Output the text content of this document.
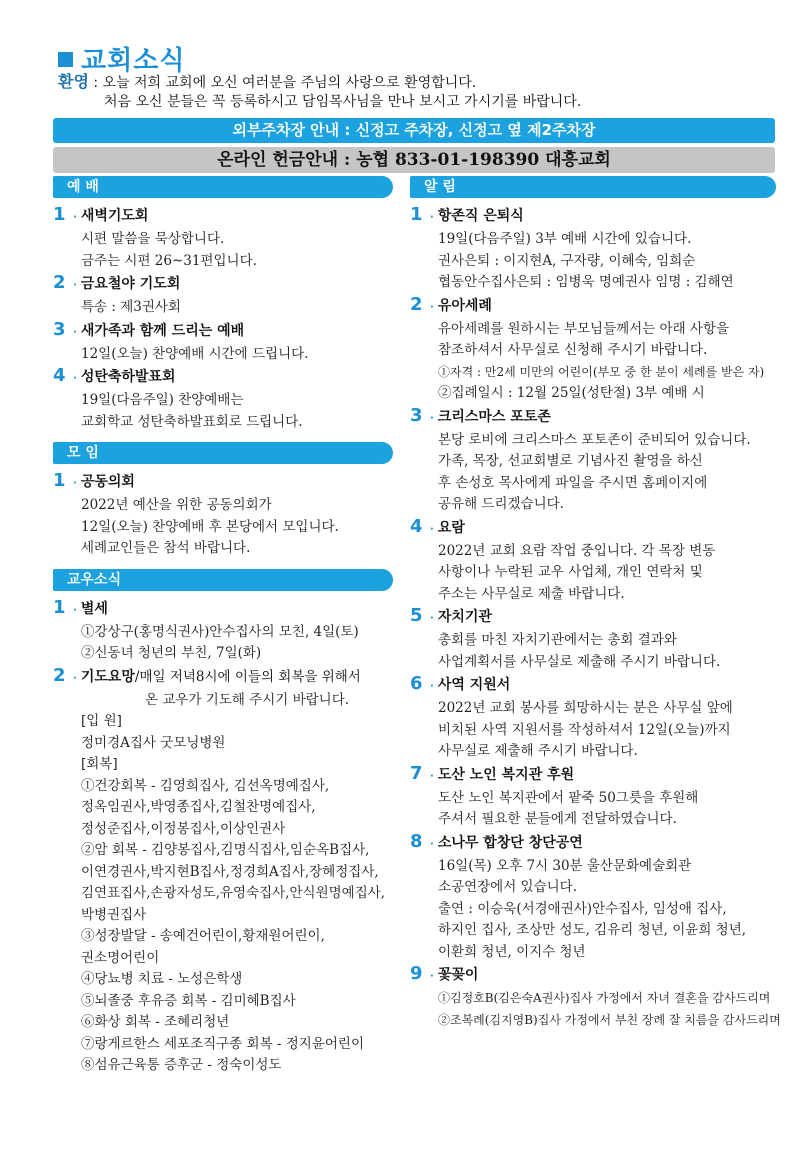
교회소식
환영 : 오늘 저희 교회에 오신 여러분을 주님의 사랑으로 환영합니다.
처음 오신 분들은 꼭 등록하시고 담임목사님을 만나 보시고 가시기를 바랍니다.
외부주차장 안내 : 신정고 주차장, 신정고 옆 제2주차장
온라인 헌금안내 : 농협 833-01-198390 대흥교회
예 배
1 · 새벽기도회
시편 말씀을 묵상합니다.
금주는 시편 26~31편입니다.
2 · 금요철야 기도회
특송 : 제3권사회
3 · 새가족과 함께 드리는 예배
12일(오늘) 찬양예배 시간에 드립니다.
4 · 성탄축하발표회
19일(다음주일) 찬양예배는
교회학교 성탄축하발표회로 드립니다.
모 임
1 · 공동의회
2022년 예산을 위한 공동의회가
12일(오늘) 찬양예배 후 본당에서 모입니다.
세례교인들은 참석 바랍니다.
교우소식
1 · 별세
①강상구(홍명식권사)안수집사의 모친, 4일(토)
②신동녀 청년의 부친, 7일(화)
2 · 기도요망/매일 저녁8시에 이들의 회복을 위해서
온 교우가 기도해 주시기 바랍니다.
[입 원]
정미경A집사 굿모닝병원
[회복]
①건강회복 - 김영희집사, 김선옥명예집사,
정옥임권사,박영종집사,김철찬명예집사,
정성준집사,이정봉집사,이상인권사
②암 회복 - 김양봉집사,김명식집사,임순옥B집사,
이연경권사,박지현B집사,정경희A집사,장혜정집사,
김연표집사,손광자성도,유영숙집사,안식원명예집사,
박병권집사
③성장발달 - 송예건어린이,황재원어린이,
권소명어린이
④당뇨병 치료 - 노성은학생
⑤뇌졸중 후유증 회복 - 김미혜B집사
⑥화상 회복 - 조혜리청년
⑦랑게르한스 세포조직구종 회복 - 정지윤어린이
⑧섬유근육통 증후군 - 정숙이성도
알 림
1 · 항존직 은퇴식
19일(다음주일) 3부 예배 시간에 있습니다.
권사은퇴 : 이지현A, 구자량, 이혜숙, 임희순
협동안수집사은퇴 : 임병욱 명예권사 임명 : 김해연
2 · 유아세례
유아세례를 원하시는 부모님들께서는 아래 사항을
참조하셔서 사무실로 신청해 주시기 바랍니다.
①자격 : 만2세 미만의 어린이(부모 중 한 분이 세례를 받은 자)
②집례일시 : 12월 25일(성탄절) 3부 예배 시
3 · 크리스마스 포토존
본당 로비에 크리스마스 포토존이 준비되어 있습니다.
가족, 목장, 선교회별로 기념사진 촬영을 하신
후 손성호 목사에게 파일을 주시면 홈페이지에
공유해 드리겠습니다.
4 · 요람
2022년 교회 요람 작업 중입니다. 각 목장 변동
사항이나 누락된 교우 사업체, 개인 연락처 및
주소는 사무실로 제출 바랍니다.
5 · 자치기관
총회를 마친 자치기관에서는 총회 결과와
사업계획서를 사무실로 제출해 주시기 바랍니다.
6 · 사역 지원서
2022년 교회 봉사를 희망하시는 분은 사무실 앞에
비치된 사역 지원서를 작성하셔서 12일(오늘)까지
사무실로 제출해 주시기 바랍니다.
7 · 도산 노인 복지관 후원
도산 노인 복지관에서 팥죽 50그릇을 후원해
주셔서 필요한 분들에게 전달하였습니다.
8 · 소나무 합창단 창단공연
16일(목) 오후 7시 30분 울산문화예술회관
소공연장에서 있습니다.
출연 : 이승욱(서경애권사)안수집사, 임성애 집사,
하지인 집사, 조상만 성도, 김유리 청년, 이윤희 청년,
이환희 청년, 이지수 청년
9 · 꽃꽂이
①김정호B(김은숙A권사)집사 가정에서 자녀 결혼을 감사드리며
②조복례(김지영B)집사 가정에서 부친 장례 잘 치름을 감사드리며
